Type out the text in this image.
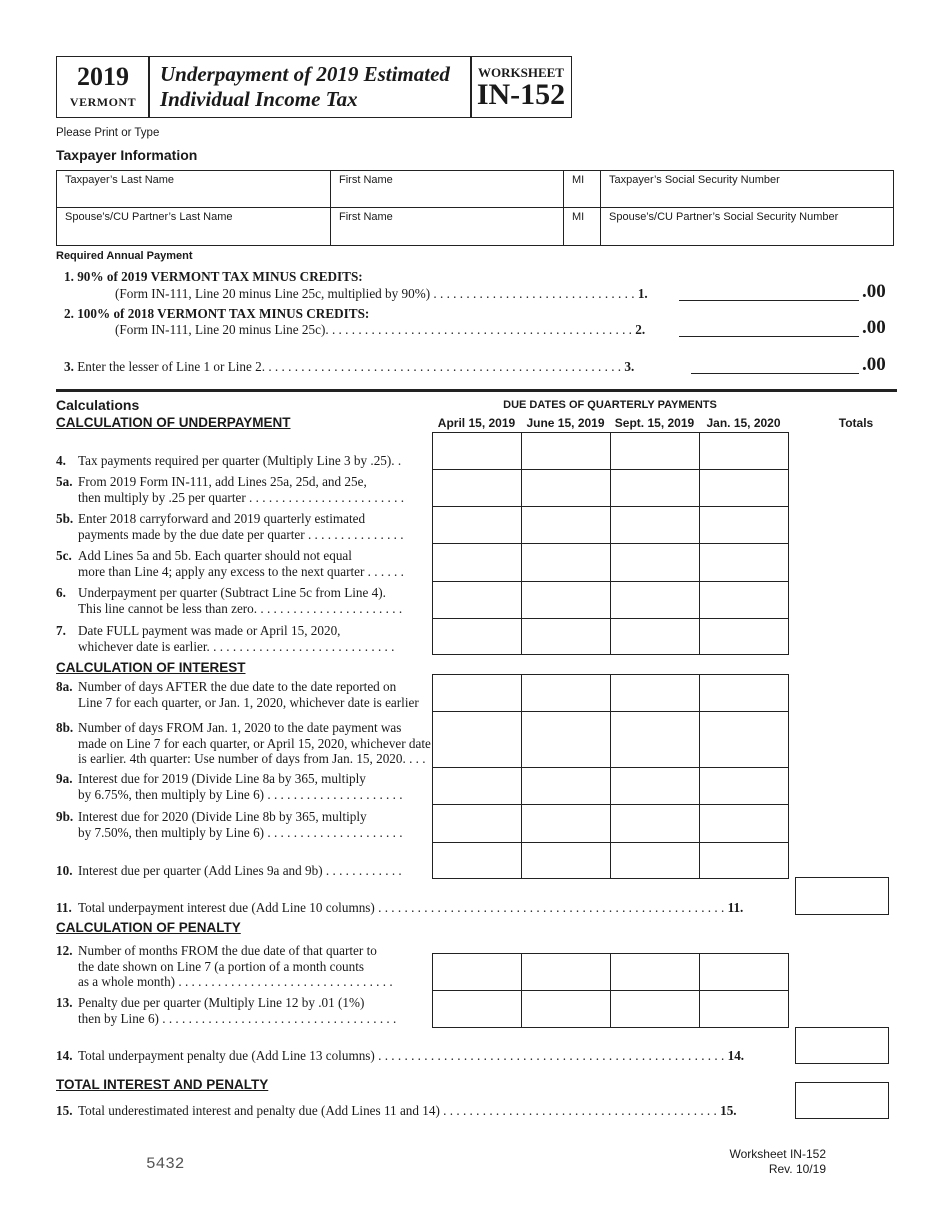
2019
VERMONT
Underpayment of 2019 Estimated
Individual Income Tax
WORKSHEET
IN-152
Please Print or Type
Taxpayer Information
Taxpayer’s Last Name	First Name	MI	Taxpayer’s Social Security Number
Spouse’s/CU Partner’s Last Name	First Name	MI	Spouse’s/CU Partner’s Social Security Number
Required Annual Payment
1. 90% of 2019 VERMONT TAX MINUS CREDITS:
(Form IN-111, Line 20 minus Line 25c, multiplied by 90%) . . . . . . . . . . . . . . . . . . . . . . . . . . . . . . . 1.	.00
2. 100% of 2018 VERMONT TAX MINUS CREDITS:
(Form IN-111, Line 20 minus Line 25c). . . . . . . . . . . . . . . . . . . . . . . . . . . . . . . . . . . . . . . . . . . . . . . 2.	.00
3. Enter the lesser of Line 1 or Line 2. . . . . . . . . . . . . . . . . . . . . . . . . . . . . . . . . . . . . . . . . . . . . . . . . . . . . . . 3.	.00
Calculations	DUE DATES OF QUARTERLY PAYMENTS
CALCULATION OF UNDERPAYMENT	April 15, 2019 June 15, 2019 Sept. 15, 2019	Jan. 15, 2020	Totals
4. Tax payments required per quarter (Multiply Line 3 by .25). .
5a. From 2019 Form IN-111, add Lines 25a, 25d, and 25e,
then multiply by .25 per quarter . . . . . . . . . . . . . . . . . . . . . . . .
5b. Enter 2018 carryforward and 2019 quarterly estimated
payments made by the due date per quarter . . . . . . . . . . . . . . .
5c. Add Lines 5a and 5b. Each quarter should not equal
more than Line 4; apply any excess to the next quarter . . . . . .
6. Underpayment per quarter (Subtract Line 5c from Line 4).
This line cannot be less than zero. . . . . . . . . . . . . . . . . . . . . . .
7. Date FULL payment was made or April 15, 2020,
whichever date is earlier. . . . . . . . . . . . . . . . . . . . . . . . . . . . .
CALCULATION OF INTEREST
8a. Number of days AFTER the due date to the date reported on
Line 7 for each quarter, or Jan. 1, 2020, whichever date is earlier
8b. Number of days FROM Jan. 1, 2020 to the date payment was
made on Line 7 for each quarter, or April 15, 2020, whichever date
is earlier. 4th quarter: Use number of days from Jan. 15, 2020. . . .
9a. Interest due for 2019 (Divide Line 8a by 365, multiply
by 6.75%, then multiply by Line 6) . . . . . . . . . . . . . . . . . . . . .
9b. Interest due for 2020 (Divide Line 8b by 365, multiply
by 7.50%, then multiply by Line 6) . . . . . . . . . . . . . . . . . . . . .
10. Interest due per quarter (Add Lines 9a and 9b) . . . . . . . . . . . .
11. Total underpayment interest due (Add Line 10 columns) . . . . . . . . . . . . . . . . . . . . . . . . . . . . . . . . . . . . . . . . . . . . . . . . . . . . . 11.
CALCULATION OF PENALTY
12. Number of months FROM the due date of that quarter to
the date shown on Line 7 (a portion of a month counts
as a whole month) . . . . . . . . . . . . . . . . . . . . . . . . . . . . . . . . .
13. Penalty due per quarter (Multiply Line 12 by .01 (1%)
then by Line 6) . . . . . . . . . . . . . . . . . . . . . . . . . . . . . . . . . . . .
14. Total underpayment penalty due (Add Line 13 columns) . . . . . . . . . . . . . . . . . . . . . . . . . . . . . . . . . . . . . . . . . . . . . . . . . . . . . 14.
TOTAL INTEREST AND PENALTY
15. Total underestimated interest and penalty due (Add Lines 11 and 14) . . . . . . . . . . . . . . . . . . . . . . . . . . . . . . . . . . . . . . . . . . 15.
5432
Worksheet IN-152
Rev. 10/19
